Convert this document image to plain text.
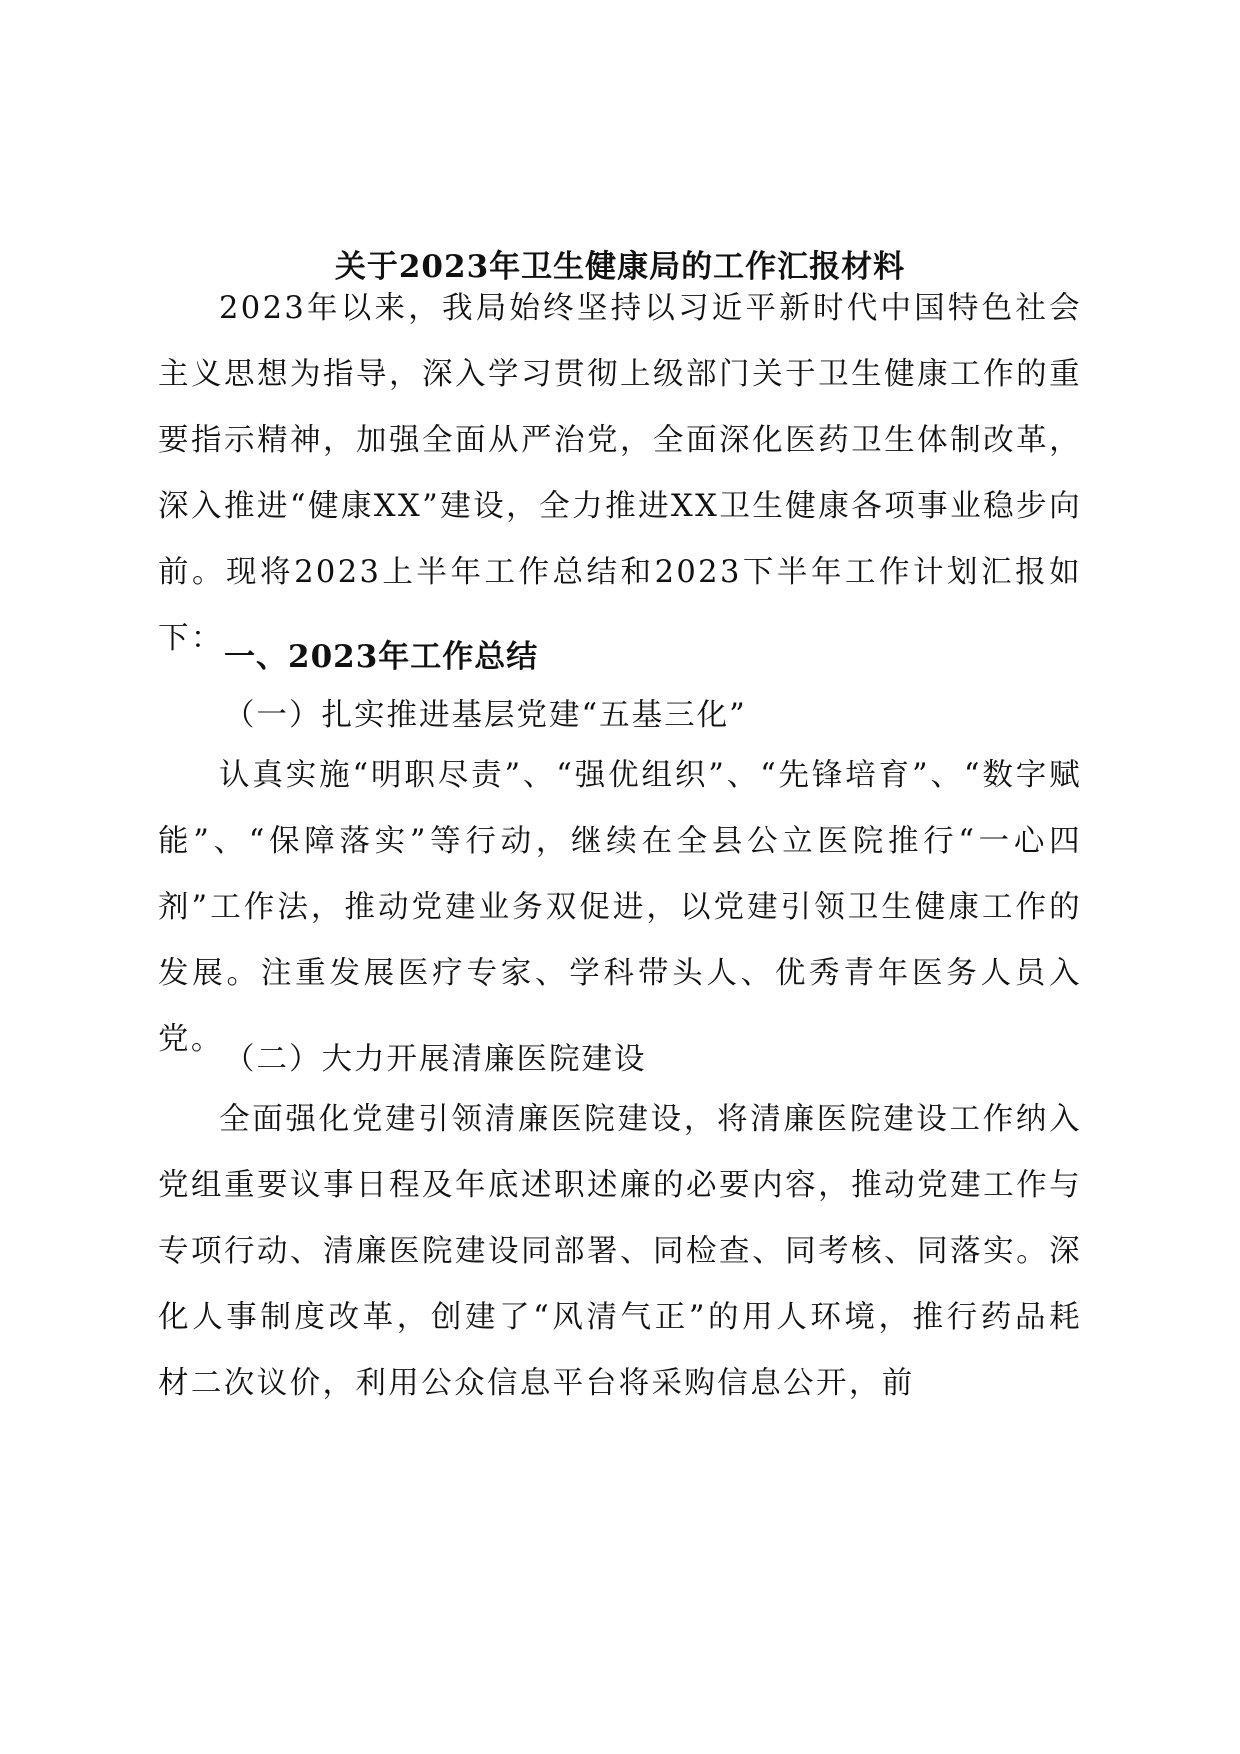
关于2023年卫生健康局的工作汇报材料

2023年以来，我局始终坚持以习近平新时代中国特色社会主义思想为指导，深入学习贯彻上级部门关于卫生健康工作的重要指示精神，加强全面从严治党，全面深化医药卫生体制改革，深入推进“健康XX”建设，全力推进XX卫生健康各项事业稳步向前。现将2023上半年工作总结和2023下半年工作计划汇报如下：

一、2023年工作总结
（一）扎实推进基层党建“五基三化”

认真实施“明职尽责”、“强优组织”、“先锋培育”、“数字赋能”、“保障落实”等行动，继续在全县公立医院推行“一心四剂”工作法，推动党建业务双促进，以党建引领卫生健康工作的发展。注重发展医疗专家、学科带头人、优秀青年医务人员入党。

（二）大力开展清廉医院建设

全面强化党建引领清廉医院建设，将清廉医院建设工作纳入党组重要议事日程及年底述职述廉的必要内容，推动党建工作与专项行动、清廉医院建设同部署、同检查、同考核、同落实。深化人事制度改革，创建了“风清气正”的用人环境，推行药品耗材二次议价，利用公众信息平台将采购信息公开，前
